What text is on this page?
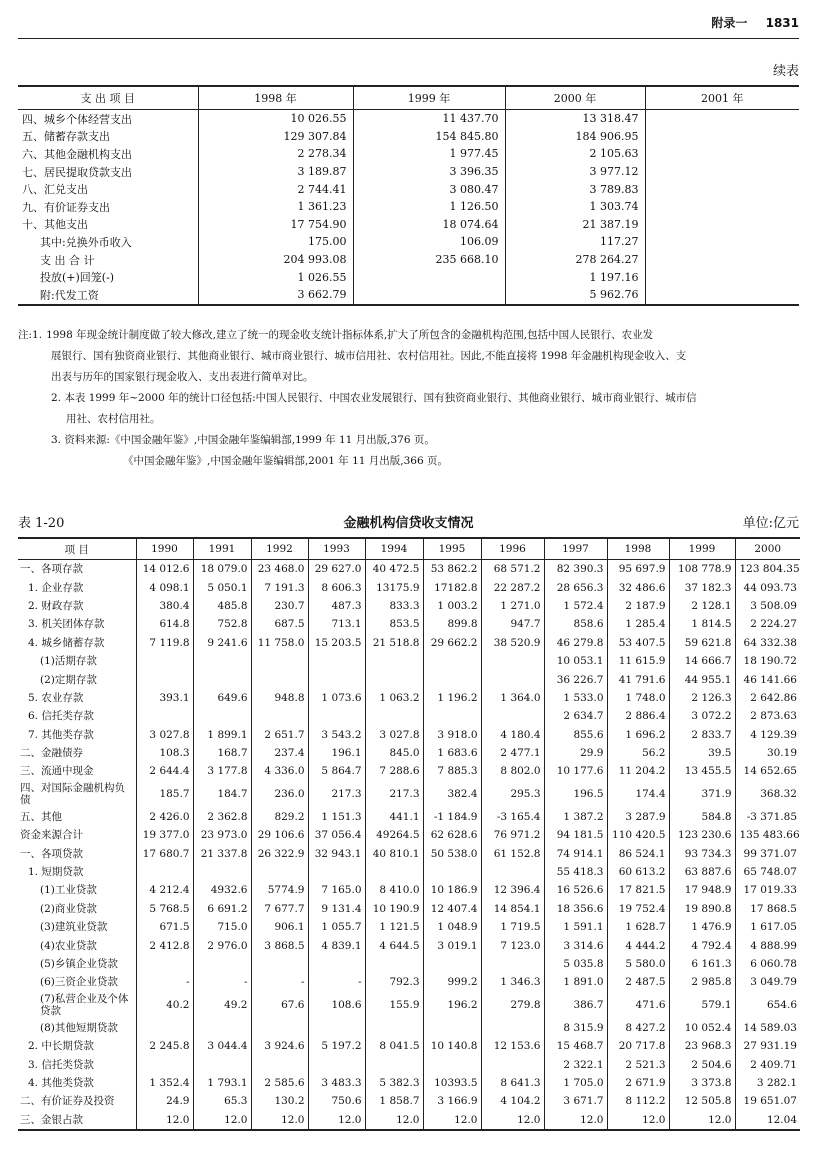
附录一 1831
续表
支 出 项 目	1998 年	1999 年	2000 年	2001 年
四、城乡个体经营支出	10 026.55	11 437.70	13 318.47	
五、储蓄存款支出	129 307.84	154 845.80	184 906.95	
六、其他金融机构支出	2 278.34	1 977.45	2 105.63	
七、居民提取贷款支出	3 189.87	3 396.35	3 977.12	
八、汇兑支出	2 744.41	3 080.47	3 789.83	
九、有价证券支出	1 361.23	1 126.50	1 303.74	
十、其他支出	17 754.90	18 074.64	21 387.19	
其中:兑换外币收入	175.00	106.09	117.27	
支 出 合 计	204 993.08	235 668.10	278 264.27	
投放(+)回笼(-)	1 026.55		1 197.16	
附:代发工资	3 662.79		5 962.76	

注:1. 1998 年现金统计制度做了较大修改,建立了统一的现金收支统计指标体系,扩大了所包含的金融机构范围,包括中国人民银行、农业发

展银行、国有独资商业银行、其他商业银行、城市商业银行、城市信用社、农村信用社。因此,不能直接将 1998 年金融机构现金收入、支

出表与历年的国家银行现金收入、支出表进行简单对比。

2. 本表 1999 年~2000 年的统计口径包括:中国人民银行、中国农业发展银行、国有独资商业银行、其他商业银行、城市商业银行、城市信

用社、农村信用社。

3. 资料来源:《中国金融年鉴》,中国金融年鉴编辑部,1999 年 11 月出版,376 页。

《中国金融年鉴》,中国金融年鉴编辑部,2001 年 11 月出版,366 页。

表 1-20	金融机构信贷收支情况	单位:亿元
项 目	1990	1991	1992	1993	1994	1995	1996	1997	1998	1999	2000
一、各项存款	14 012.6	18 079.0	23 468.0	29 627.0	40 472.5	53 862.2	68 571.2	82 390.3	95 697.9	108 778.9	123 804.35
1. 企业存款	4 098.1	5 050.1	7 191.3	8 606.3	13175.9	17182.8	22 287.2	28 656.3	32 486.6	37 182.3	44 093.73
2. 财政存款	380.4	485.8	230.7	487.3	833.3	1 003.2	1 271.0	1 572.4	2 187.9	2 128.1	3 508.09
3. 机关团体存款	614.8	752.8	687.5	713.1	853.5	899.8	947.7	858.6	1 285.4	1 814.5	2 224.27
4. 城乡储蓄存款	7 119.8	9 241.6	11 758.0	15 203.5	21 518.8	29 662.2	38 520.9	46 279.8	53 407.5	59 621.8	64 332.38
(1)活期存款								10 053.1	11 615.9	14 666.7	18 190.72
(2)定期存款								36 226.7	41 791.6	44 955.1	46 141.66
5. 农业存款	393.1	649.6	948.8	1 073.6	1 063.2	1 196.2	1 364.0	1 533.0	1 748.0	2 126.3	2 642.86
6. 信托类存款								2 634.7	2 886.4	3 072.2	2 873.63
7. 其他类存款	3 027.8	1 899.1	2 651.7	3 543.2	3 027.8	3 918.0	4 180.4	855.6	1 696.2	2 833.7	4 129.39
二、金融债券	108.3	168.7	237.4	196.1	845.0	1 683.6	2 477.1	29.9	56.2	39.5	30.19
三、流通中现金	2 644.4	3 177.8	4 336.0	5 864.7	7 288.6	7 885.3	8 802.0	10 177.6	11 204.2	13 455.5	14 652.65
四、对国际金融机构负债	185.7	184.7	236.0	217.3	217.3	382.4	295.3	196.5	174.4	371.9	368.32
五、其他	2 426.0	2 362.8	829.2	1 151.3	441.1	-1 184.9	-3 165.4	1 387.2	3 287.9	584.8	-3 371.85
资金来源合计	19 377.0	23 973.0	29 106.6	37 056.4	49264.5	62 628.6	76 971.2	94 181.5	110 420.5	123 230.6	135 483.66
一、各项贷款	17 680.7	21 337.8	26 322.9	32 943.1	40 810.1	50 538.0	61 152.8	74 914.1	86 524.1	93 734.3	99 371.07
1. 短期贷款								55 418.3	60 613.2	63 887.6	65 748.07
(1)工业贷款	4 212.4	4932.6	5774.9	7 165.0	8 410.0	10 186.9	12 396.4	16 526.6	17 821.5	17 948.9	17 019.33
(2)商业贷款	5 768.5	6 691.2	7 677.7	9 131.4	10 190.9	12 407.4	14 854.1	18 356.6	19 752.4	19 890.8	17 868.5
(3)建筑业贷款	671.5	715.0	906.1	1 055.7	1 121.5	1 048.9	1 719.5	1 591.1	1 628.7	1 476.9	1 617.05
(4)农业贷款	2 412.8	2 976.0	3 868.5	4 839.1	4 644.5	3 019.1	7 123.0	3 314.6	4 444.2	4 792.4	4 888.99
(5)乡镇企业贷款								5 035.8	5 580.0	6 161.3	6 060.78
(6)三资企业贷款	-	-	-	-	792.3	999.2	1 346.3	1 891.0	2 487.5	2 985.8	3 049.79
(7)私营企业及个体贷款	40.2	49.2	67.6	108.6	155.9	196.2	279.8	386.7	471.6	579.1	654.6
(8)其他短期贷款								8 315.9	8 427.2	10 052.4	14 589.03
2. 中长期贷款	2 245.8	3 044.4	3 924.6	5 197.2	8 041.5	10 140.8	12 153.6	15 468.7	20 717.8	23 968.3	27 931.19
3. 信托类贷款								2 322.1	2 521.3	2 504.6	2 409.71
4. 其他类贷款	1 352.4	1 793.1	2 585.6	3 483.3	5 382.3	10393.5	8 641.3	1 705.0	2 671.9	3 373.8	3 282.1
二、有价证券及投资	24.9	65.3	130.2	750.6	1 858.7	3 166.9	4 104.2	3 671.7	8 112.2	12 505.8	19 651.07
三、金银占款	12.0	12.0	12.0	12.0	12.0	12.0	12.0	12.0	12.0	12.0	12.04
